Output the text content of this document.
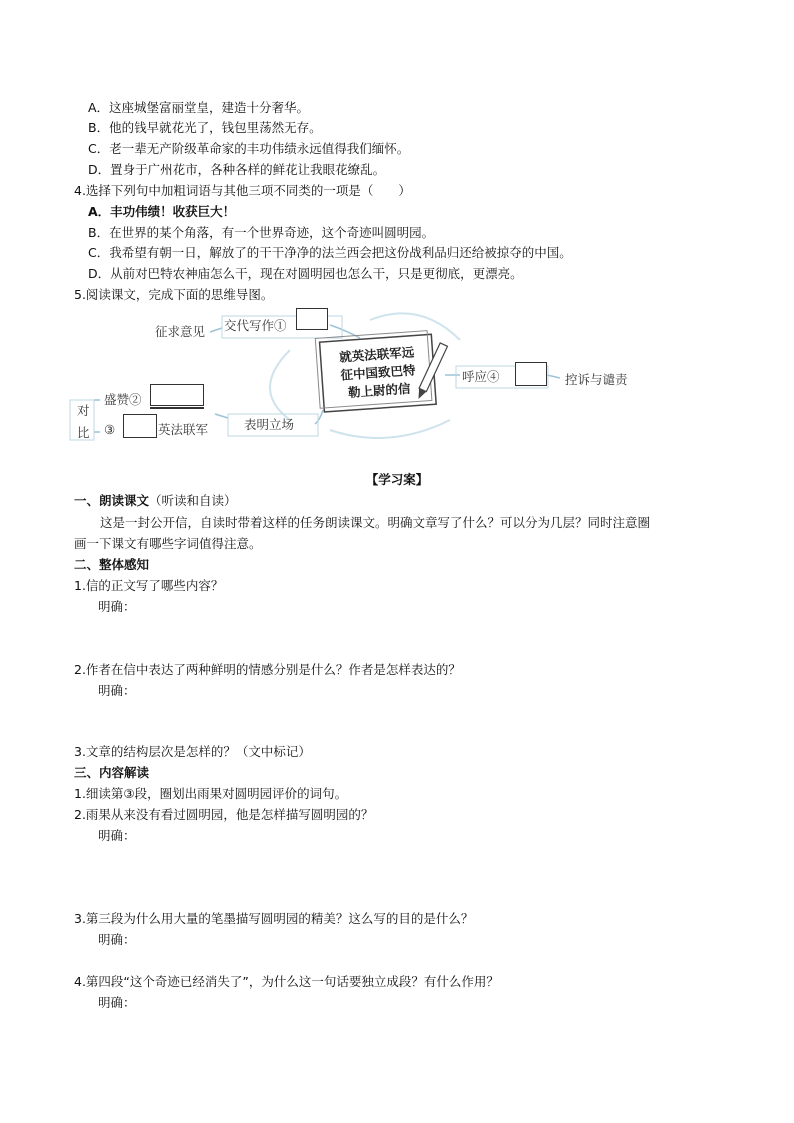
A．这座城堡富丽堂皇，建造十分奢华。
B．他的钱早就花光了，钱包里荡然无存。
C．老一辈无产阶级革命家的丰功伟绩永远值得我们缅怀。
D．置身于广州花市，各种各样的鲜花让我眼花缭乱。
4.选择下列句中加粗词语与其他三项不同类的一项是（　　）
A．丰功伟绩！收获巨大！
B．在世界的某个角落，有一个世界奇迹，这个奇迹叫圆明园。
C．我希望有朝一日，解放了的干干净净的法兰西会把这份战利品归还给被掠夺的中国。
D．从前对巴特农神庙怎么干，现在对圆明园也怎么干，只是更彻底，更漂亮。
5.阅读课文，完成下面的思维导图。
征求意见 交代写作①
就英法联军远
征中国致巴特
勒上尉的信
呼应④	控诉与谴责
对
比
盛赞②
③	英法联军	表明立场
【学习案】
一、朗读课文（听读和自读）
这是一封公开信，自读时带着这样的任务朗读课文。明确文章写了什么？可以分为几层？同时注意圈
画一下课文有哪些字词值得注意。
二、整体感知
1.信的正文写了哪些内容？
明确：
2.作者在信中表达了两种鲜明的情感分别是什么？作者是怎样表达的？
明确：
3.文章的结构层次是怎样的？（文中标记）
三、内容解读
1.细读第③段，圈划出雨果对圆明园评价的词句。
2.雨果从来没有看过圆明园，他是怎样描写圆明园的？
明确：
3.第三段为什么用大量的笔墨描写圆明园的精美？这么写的目的是什么？
明确：
4.第四段“这个奇迹已经消失了”，为什么这一句话要独立成段？有什么作用？
明确：
